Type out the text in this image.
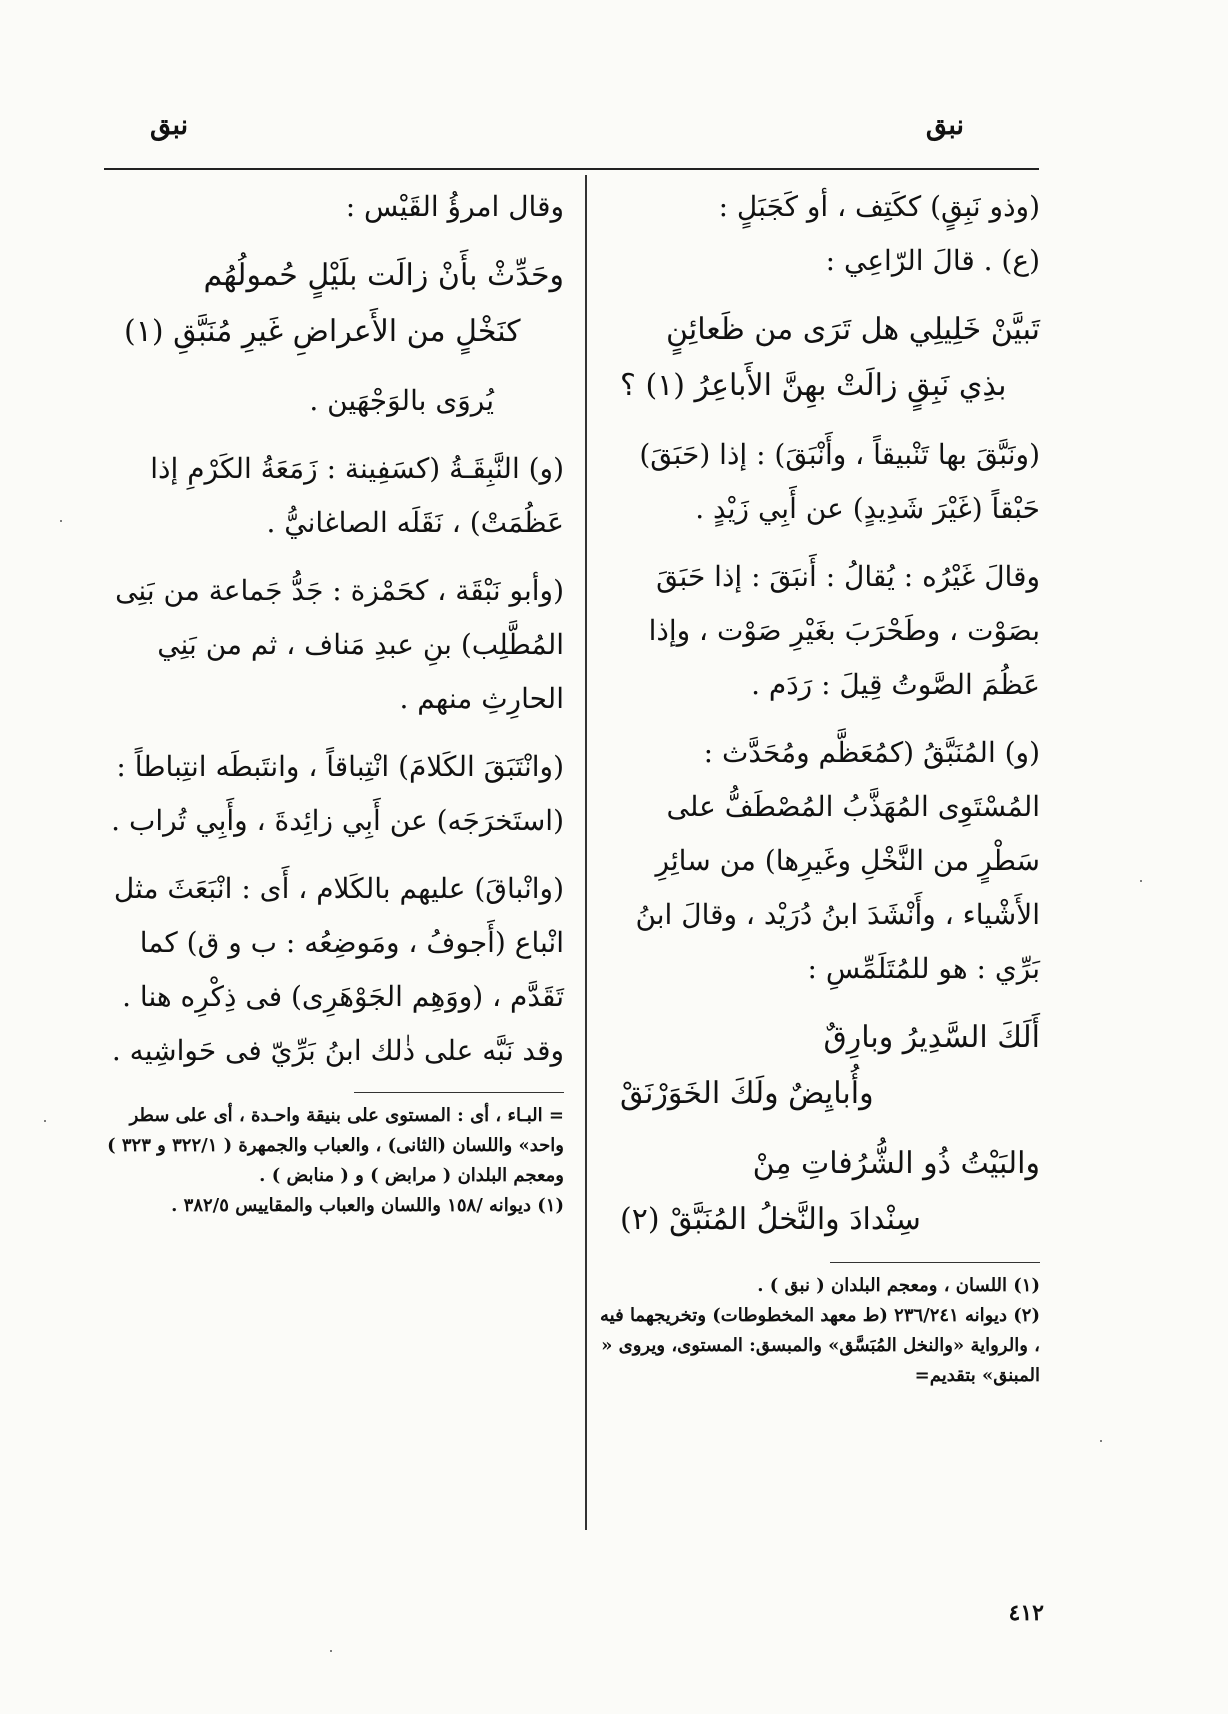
نبق
نبق

(وذو نَبِقٍ) ككَتِف ، أو كَجَبَلٍ :
(ع) . قالَ الرّاعِي :

تَبيَّنْ خَلِيلِي هل تَرَى من ظَعائِنٍ
بذِي نَبِقٍ زالَتْ بهِنَّ الأَباعِرُ (١) ؟

(ونَبَّقَ بها تَنْبيقاً ، وأَنْبَقَ) : إذا (حَبَقَ) حَبْقاً (غَيْرَ شَدِيدٍ) عن أَبِي زَيْدٍ .

وقالَ غَيْرُه : يُقالُ : أَنبَقَ : إذا حَبَقَ بصَوْت ، وطَحْرَبَ بغَيْرِ صَوْت ، وإذا عَظُمَ الصَّوتُ قِيلَ : رَدَم .

(و) المُنَبَّقُ (كمُعَظَّم ومُحَدَّث : المُسْتَوِى المُهَذَّبُ المُصْطَفُّ على سَطْرٍ من النَّخْلِ وغَيرِها) من سائِرِ الأَشْياء ، وأَنْشَدَ ابنُ دُرَيْد ، وقالَ ابنُ بَرِّي : هو للمُتَلَمِّسِ :

أَلَكَ السَّدِيرُ وبارِقٌ
وأُبايِضٌ ولَكَ الخَوَرْنَقْ
والبَيْتُ ذُو الشُّرُفاتِ مِنْ
سِنْدادَ والنَّخلُ المُنَبَّقْ (٢)

(١) اللسان ، ومعجم البلدان ( نبق ) .

(٢) ديوانه ٢٣٦/٢٤١ (ط معهد المخطوطات) وتخريجهما فيه ، والرواية «والنخل المُبَسَّق» والمبسق: المستوى، ويروى « المبنق» بتقديم=

وقال امرؤُ القَيْس :

وحَدِّثْ بأَنْ زالَت بلَيْلٍ حُمولُهُم
كنَخْلٍ من الأَعراضِ غَيرِ مُنَبَّقِ (١)

يُروَى بالوَجْهَين .

(و) النَّبِقَـةُ (كسَفِينة : زَمَعَةُ الكَرْمِ إذا عَظُمَتْ) ، نَقَلَه الصاغانيُّ .

(وأبو نَبْقَة ، كحَمْزة : جَدُّ جَماعة من بَنِى المُطَّلِب) بنِ عبدِ مَناف ، ثم من بَنِي الحارِثِ منهم .

(وانْتَبَقَ الكَلامَ) انْتِباقاً ، وانتَبطَه انتِباطاً : (استَخرَجَه) عن أَبِي زائِدةَ ، وأَبِي تُراب .

(وانْباقَ) عليهم بالكَلام ، أَى : انْبَعَثَ مثل انْباع (أَجوفُ ، ومَوضِعُه : ب و ق) كما تَقَدَّم ، (ووَهِم الجَوْهَرِى) فى ذِكْرِه هنا . وقد نَبَّه على ذٰلك ابنُ بَرِّيّ فى حَواشِيه .

= البـاء ، أى : المستوى على بنيقة واحـدة ، أى على سطر واحد» واللسان (الثانى) ، والعباب والجمهرة ( ٣٢٢/١ و ٣٢٣ ) ومعجم البلدان ( مرابض ) و ( منابض ) .

(١) ديوانه /١٥٨ واللسان والعباب والمقاييس ٣٨٢/٥ .

٤١٢
